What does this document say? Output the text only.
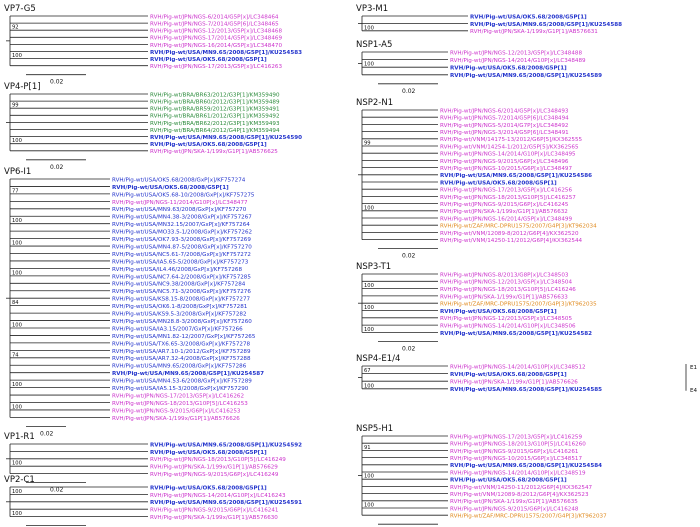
VP7-G5
RVH/Pig-wt/JPN/NGS-6/2014/G5P[x]/LC348464
RVH/Pig-wt/JPN/NGS-7/2014/G5P[6]/LC348465
RVH/Pig-wt/JPN/NGS-12/2013/G5P[x]/LC348468
RVH/Pig-wt/JPN/NGS-17/2014/G5P[x]/LC348469
RVH/Pig-wt/JPN/NGS-16/2014/G5P[x]/LC348470
RVH/Pig-wt/USA/MN9.65/2008/G5P[1]/KU254583
RVH/Pig-wt/USA/OK5.68/2008/G5P[1]
RVH/Pig-wt/JPN/NGS-17/2013/G5P[x]/LC416263
92
100
0.02
VP4-P[1]
RVH/Pig-wt/BRA/BR63/2012/G3P[1]/KM359490
RVH/Pig-wt/BRA/BR60/2012/G3P[1]/KM359489
RVH/Pig-wt/BRA/BR59/2012/G3P[1]/KM359491
RVH/Pig-wt/BRA/BR61/2012/G3P[1]/KM359492
RVH/Pig-wt/BRA/BR62/2012/G3P[1]/KM359493
RVH/Pig-wt/BRA/BR64/2012/G4P[1]/KM359494
RVH/Pig-wt/USA/MN9.65/2008/G5P[1]/KU254590
RVH/Pig-wt/USA/OK5.68/2008/G5P[1]
RVH/Pig-wt/JPN/SKA-1/199x/G1P[1]/AB576625
99
100
0.02
VP6-I1
RVH/Pig-wt/USA/OK5.68/2008/GxP[x]/KF757274
RVH/Pig-wt/USA/OK5.68/2008/G5P[1]
RVH/Pig-wt/USA/OK5.68-10/2008/GxP[x]/KF757275
RVH/Pig-wt/JPN/NGS-11/2014/G10P[x]/LC348477
RVH/Pig-wt/USA/MN9.63/2008/GxP[x]/KF757270
RVH/Pig-wt/USA/MN4.38-3/2008/GxP[x]/KF757267
RVH/Pig-wt/USA/MN32.15/2007/GxP[x]/KF757264
RVH/Pig-wt/USA/MO33.5-1/2008/GxP[x]/KF757262
RVH/Pig-wt/USA/OK7.93-3/2008/GxP[x]/KF757269
RVH/Pig-wt/USA/MN4.87-5/2008/GxP[x]/KF757270
RVH/Pig-wt/USA/NC5.61-7/2008/GxP[x]/KF757272
RVH/Pig-wt/USA/IA5.65-5/2008/GxP[x]/KF757273
RVH/Pig-wt/USA/IL4.46/2008/GxP[x]/KF757268
RVH/Pig-wt/USA/NC7.64-2/2008/GxP[x]/KF757285
RVH/Pig-wt/USA/NC9.38/2008/GxP[x]/KF757284
RVH/Pig-wt/USA/NC5.71-3/2008/GxP[x]/KF757276
RVH/Pig-wt/USA/KS8.15-8/2008/GxP[x]/KF757277
RVH/Pig-wt/USA/OK6.1-8/2008/GxP[x]/KF757281
RVH/Pig-wt/USA/KS9.5-3/2008/GxP[x]/KF757282
RVH/Pig-wt/USA/MN28.8-3/2008/GxP[x]/KF757260
RVH/Pig-wt/USA/IA3.15/2007/GxP[x]/KF757266
RVH/Pig-wt/USA/MN1.82-12/2007/GxP[x]/KF757265
RVH/Pig-wt/USA/TX6.65-3/2008/GxP[x]/KF757278
RVH/Pig-wt/USA/AR7.10-1/2012/GxP[x]/KF757289
RVH/Pig-wt/USA/AR7.32-4/2008/GxP[x]/KF757288
RVH/Pig-wt/USA/MN9.65/2008/GxP[x]/KF757286
RVH/Pig-wt/USA/MN9.65/2008/G5P[1]/KU254587
RVH/Pig-wt/USA/MN4.53-6/2008/GxP[x]/KF757289
RVH/Pig-wt/USA/IA5.15-3/2008/GxP[x]/KF757290
RVH/Pig-wt/JPN/NGS-17/2013/G5P[x]/LC416262
RVH/Pig-wt/JPN/NGS-18/2013/G10P[5]/LC416253
RVH/Pig-wt/JPN/NGS-9/2015/G6P[x]/LC416253
RVH/Pig-wt/JPN/SKA-1/199x/G1P[1]/AB576626
77
100
100
100
84
100
74
100
100
0.02
VP1-R1
RVH/Pig-wt/USA/MN9.65/2008/G5P[1]/KU254592
RVH/Pig-wt/USA/OK5.68/2008/G5P[1]
RVH/Pig-wt/JPN/NGS-18/2013/G10P[5]/LC416249
RVH/Pig-wt/JPN/SKA-1/199x/G1P[1]/AB576629
RVH/Pig-wt/JPN/NGS-9/2015/G6P[x]/LC416249
100
0.02
VP2-C1
RVH/Pig-wt/USA/OK5.68/2008/G5P[1]
RVH/Pig-wt/JPN/NGS-14/2014/G10P[x]/LC416243
RVH/Pig-wt/USA/MN9.65/2008/G5P[1]/KU254591
RVH/Pig-wt/JPN/NGS-9/2015/G6P[x]/LC416241
RVH/Pig-wt/JPN/SKA-1/199x/G1P[1]/AB576630
100
100
VP3-M1
RVH/Pig-wt/USA/OK5.68/2008/G5P[1]
RVH/Pig-wt/USA/MN9.65/2008/G5P[1]/KU254588
RVH/Pig-wt/JPN/SKA-1/199x/G1P[1]/AB576631
100
NSP1-A5
RVH/Pig-wt/JPN/NGS-12/2013/G5P[x]/LC348488
RVH/Pig-wt/JPN/NGS-14/2014/G10P[x]/LC348489
RVH/Pig-wt/USA/OK5.68/2008/G5P[1]
RVH/Pig-wt/USA/MN9.65/2008/G5P[1]/KU254589
100
0.02
NSP2-N1
RVH/Pig-wt/JPN/NGS-6/2014/G5P[x]/LC348493
RVH/Pig-wt/JPN/NGS-7/2014/G5P[6]/LC348494
RVH/Pig-wt/JPN/NGS-5/2014/G7P[x]/LC348492
RVH/Pig-wt/JPN/NGS-3/2014/G5P[6]/LC348491
RVH/Pig-wt/VNM/14175-13/2012/G6P[5]/KX362555
RVH/Pig-wt/VNM/14254-1/2012/G5P[5]/KX362565
RVH/Pig-wt/JPN/NGS-14/2014/G10P[x]/LC348495
RVH/Pig-wt/JPN/NGS-9/2015/G6P[x]/LC348496
RVH/Pig-wt/JPN/NGS-10/2015/G6P[x]/LC348497
RVH/Pig-wt/USA/MN9.65/2008/G5P[1]/KU254586
RVH/Pig-wt/USA/OK5.68/2008/G5P[1]
RVH/Pig-wt/JPN/NGS-17/2013/G5P[x]/LC416256
RVH/Pig-wt/JPN/NGS-18/2013/G10P[5]/LC416257
RVH/Pig-wt/JPN/NGS-9/2015/G6P[x]/LC416245
RVH/Pig-wt/JPN/SKA-1/199x/G1P[1]/AB576632
RVH/Pig-wt/JPN/NGS-16/2014/G5P[x]/LC348499
RVH/Pig-wt/ZAF/MRC-DPRU1575/2007/G4P[3]/KT962034
RVH/Pig-wt/VNM/12089-8/2012/G6P[4]/KX362520
RVH/Pig-wt/VNM/14250-11/2012/G6P[4]/KX362544
99
100
0.02
NSP3-T1
RVH/Pig-wt/JPN/NGS-8/2013/G8P[x]/LC348503
RVH/Pig-wt/JPN/NGS-12/2013/G5P[x]/LC348504
RVH/Pig-wt/JPN/NGS-18/2013/G10P[5]/LC416246
RVH/Pig-wt/JPN/SKA-1/199x/G1P[1]/AB576633
RVH/Pig-wt/ZAF/MRC-DPRU1575/2007/G4P[3]/KT962035
RVH/Pig-wt/USA/OK5.68/2008/G5P[1]
RVH/Pig-wt/JPN/NGS-12/2013/G5P[x]/LC348505
RVH/Pig-wt/JPN/NGS-14/2014/G10P[x]/LC348506
RVH/Pig-wt/USA/MN9.65/2008/G5P[1]/KU254582
100
100
100
0.02
NSP4-E1/4
RVH/Pig-wt/JPN/NGS-14/2014/G10P[x]/LC348512
RVH/Pig-wt/USA/OK5.68/2008/G5P[1]
RVH/Pig-wt/JPN/SKA-1/199x/G1P[1]/AB576626
RVH/Pig-wt/USA/MN9.65/2008/G5P[1]/KU254585
67
100
E1
E4
NSP5-H1
RVH/Pig-wt/JPN/NGS-17/2013/G5P[x]/LC416259
RVH/Pig-wt/JPN/NGS-18/2013/G10P[5]/LC416260
RVH/Pig-wt/JPN/NGS-9/2015/G6P[x]/LC416261
RVH/Pig-wt/JPN/NGS-10/2015/G6P[x]/LC348517
RVH/Pig-wt/USA/MN9.65/2008/G5P[1]/KU254584
RVH/Pig-wt/JPN/NGS-14/2014/G10P[x]/LC348519
RVH/Pig-wt/USA/OK5.68/2008/G5P[1]
RVH/Pig-wt/VNM/14250-11/2012/G6P[4]/KX362547
RVH/Pig-wt/VNM/12089-8/2012/G6P[4]/KX362523
RVH/Pig-wt/JPN/SKA-1/199x/G1P[1]/AB576635
RVH/Pig-wt/JPN/NGS-9/2015/G6P[x]/LC416248
RVH/Pig-wt/ZAF/MRC-DPRU1575/2007/G4P[3]/KT962037
91
100
100
